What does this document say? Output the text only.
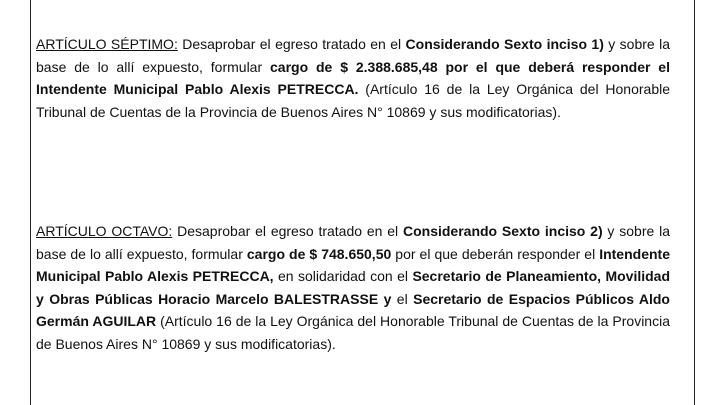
ARTÍCULO SÉPTIMO: Desaprobar el egreso tratado en el Considerando Sexto inciso 1) y sobre la base de lo allí expuesto, formular cargo de $ 2.388.685,48 por el que deberá responder el Intendente Municipal Pablo Alexis PETRECCA. (Artículo 16 de la Ley Orgánica del Honorable Tribunal de Cuentas de la Provincia de Buenos Aires N° 10869 y sus modificatorias).

ARTÍCULO OCTAVO: Desaprobar el egreso tratado en el Considerando Sexto inciso 2) y sobre la base de lo allí expuesto, formular cargo de $ 748.650,50 por el que deberán responder el Intendente Municipal Pablo Alexis PETRECCA, en solidaridad con el Secretario de Planeamiento, Movilidad y Obras Públicas Horacio Marcelo BALESTRASSE y el Secretario de Espacios Públicos Aldo Germán AGUILAR (Artículo 16 de la Ley Orgánica del Honorable Tribunal de Cuentas de la Provincia de Buenos Aires N° 10869 y sus modificatorias).
